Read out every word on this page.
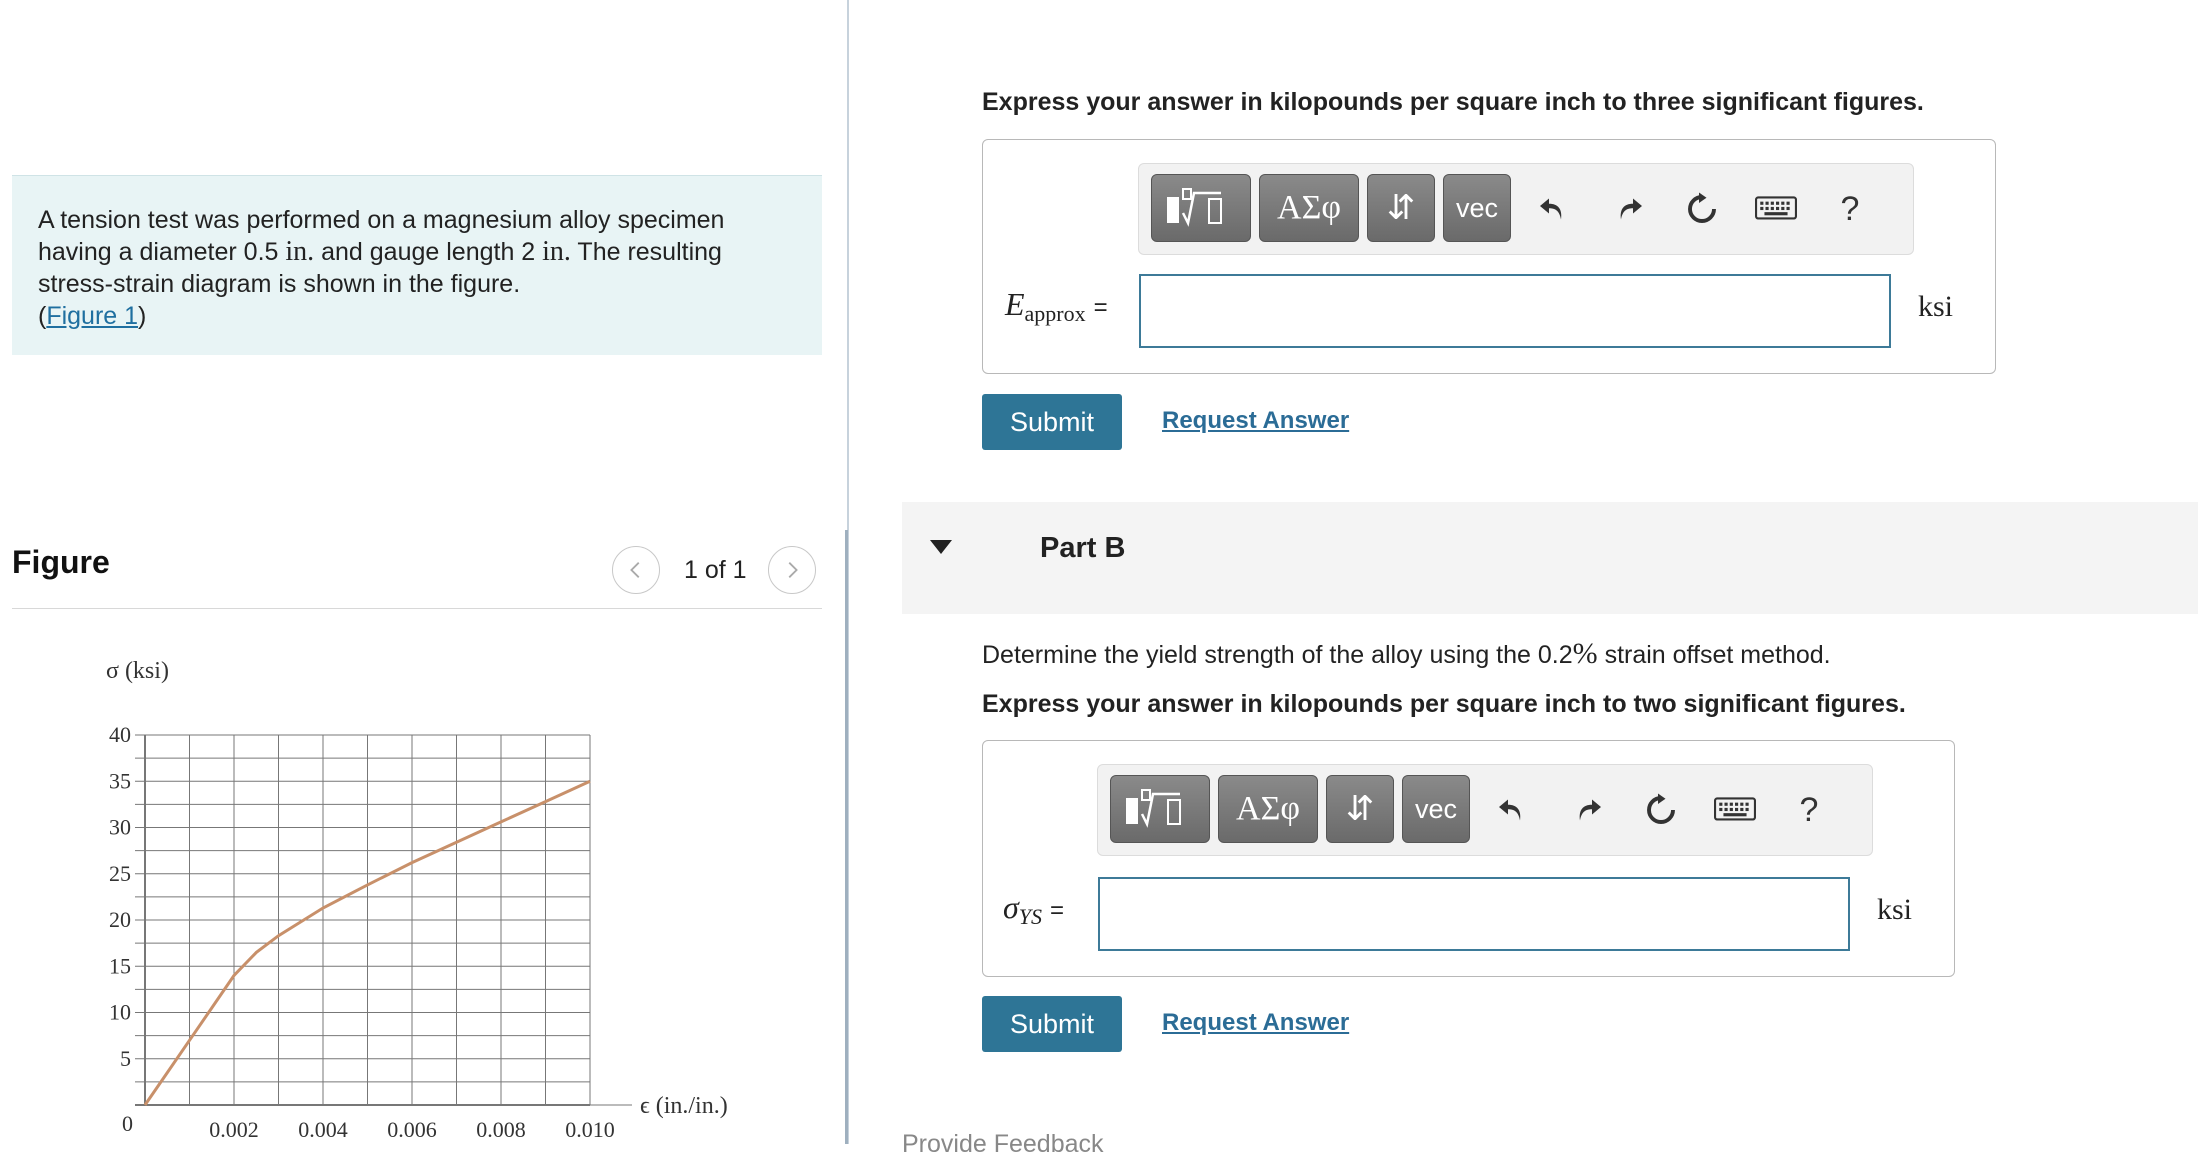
A tension test was performed on a magnesium alloy specimen having a diameter 0.5 in. and gauge length 2 in. The resulting stress-strain diagram is shown in the figure.
(Figure 1)
Figure	1 of 1
5
10
15
20
25
30
35
40
0.002 0.004 0.006 0.008 0.010
0
σ (ksi)
ϵ (in./in.)
Express your answer in kilopounds per square inch to three significant figures.
ΑΣφ	⇵	vec	?
$E_{approx}$ =	ksi
Submit	Request Answer
Part B
Determine the yield strength of the alloy using the 0.2% strain offset method.
Express your answer in kilopounds per square inch to two significant figures.
ΑΣφ	⇵	vec	?
$\sigma_{YS}$ =	ksi
Submit	Request Answer
Provide Feedback
